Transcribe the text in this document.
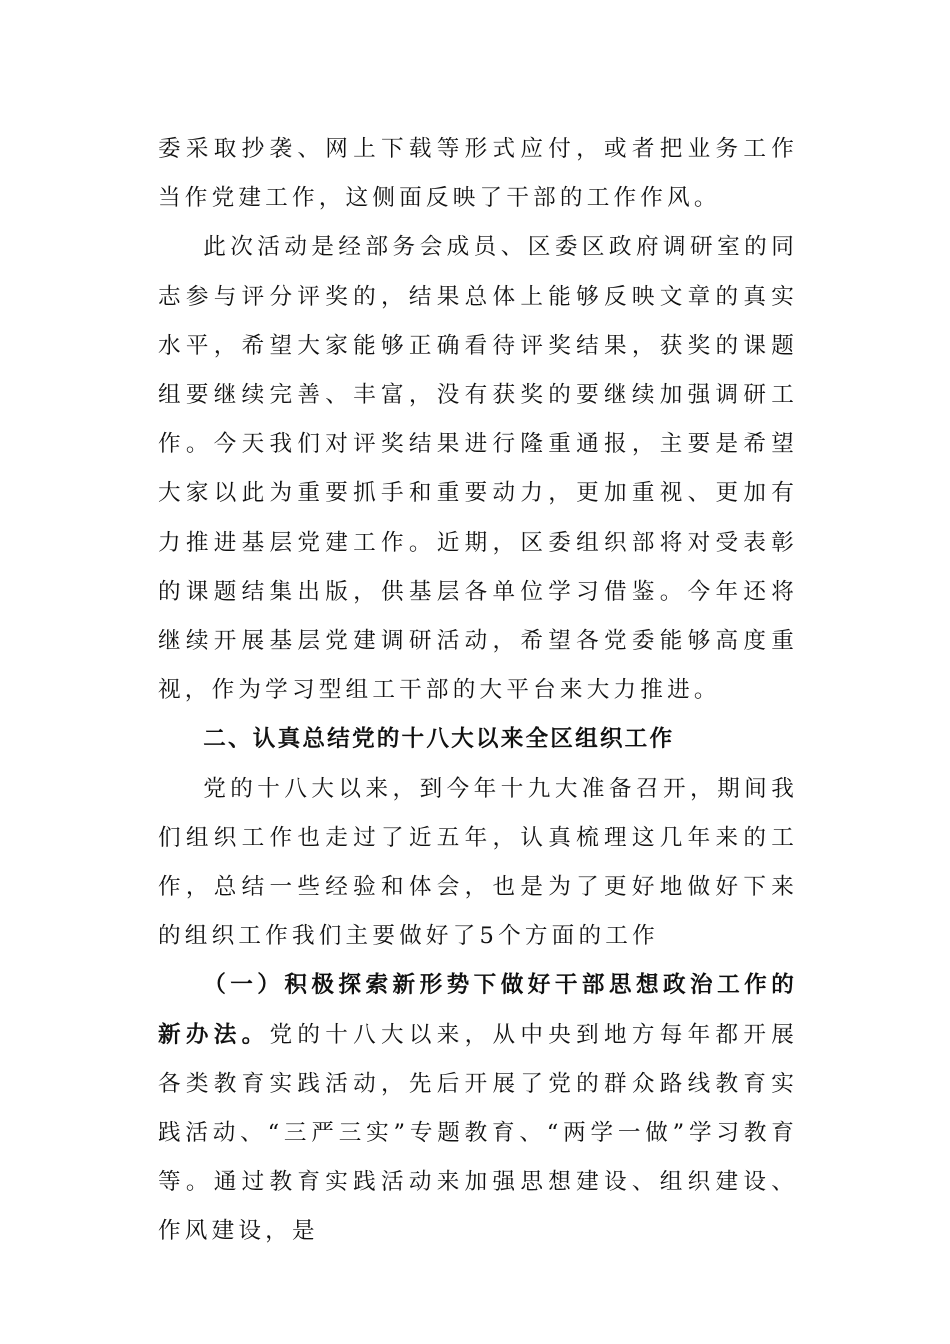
委采取抄袭、网上下载等形式应付，或者把业务工作当作党建工作，这侧面反映了干部的工作作风。

此次活动是经部务会成员、区委区政府调研室的同志参与评分评奖的，结果总体上能够反映文章的真实水平，希望大家能够正确看待评奖结果，获奖的课题组要继续完善、丰富，没有获奖的要继续加强调研工作。今天我们对评奖结果进行隆重通报，主要是希望大家以此为重要抓手和重要动力，更加重视、更加有力推进基层党建工作。近期，区委组织部将对受表彰的课题结集出版，供基层各单位学习借鉴。今年还将继续开展基层党建调研活动，希望各党委能够高度重视，作为学习型组工干部的大平台来大力推进。

二、认真总结党的十八大以来全区组织工作

党的十八大以来，到今年十九大准备召开，期间我们组织工作也走过了近五年，认真梳理这几年来的工作，总结一些经验和体会，也是为了更好地做好下来的组织工作我们主要做好了5个方面的工作

（一）积极探索新形势下做好干部思想政治工作的新办法。党的十八大以来，从中央到地方每年都开展各类教育实践活动，先后开展了党的群众路线教育实践活动、“三严三实”专题教育、“两学一做”学习教育等。通过教育实践活动来加强思想建设、组织建设、作风建设，是
